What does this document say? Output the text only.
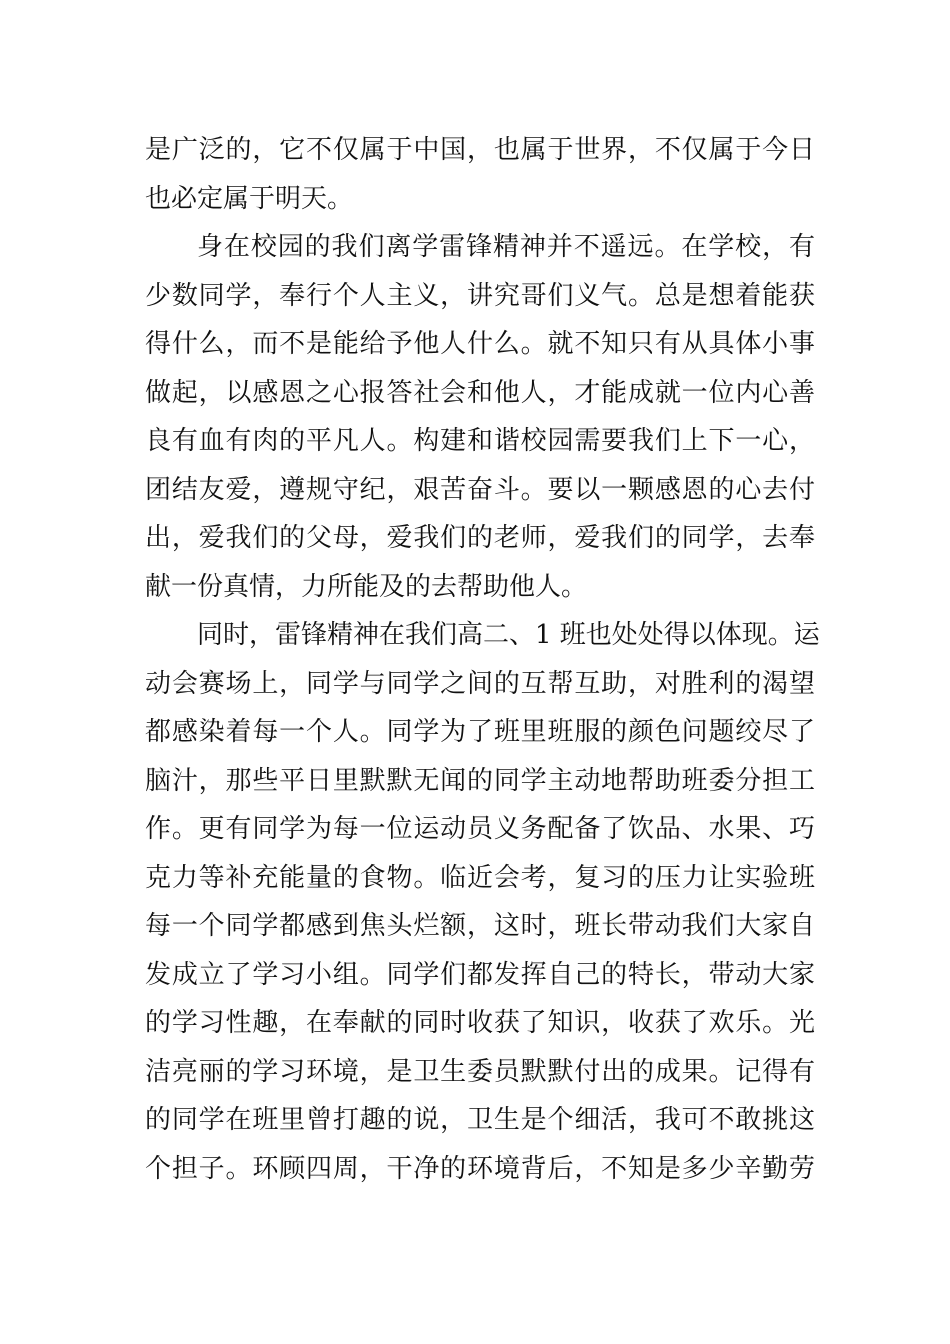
是广泛的，它不仅属于中国，也属于世界，不仅属于今日
也必定属于明天。
身在校园的我们离学雷锋精神并不遥远。在学校，有
少数同学，奉行个人主义，讲究哥们义气。总是想着能获
得什么，而不是能给予他人什么。就不知只有从具体小事
做起，以感恩之心报答社会和他人，才能成就一位内心善
良有血有肉的平凡人。构建和谐校园需要我们上下一心，
团结友爱，遵规守纪，艰苦奋斗。要以一颗感恩的心去付
出，爱我们的父母，爱我们的老师，爱我们的同学，去奉
献一份真情，力所能及的去帮助他人。
同时，雷锋精神在我们高二、1 班也处处得以体现。运
动会赛场上，同学与同学之间的互帮互助，对胜利的渴望
都感染着每一个人。同学为了班里班服的颜色问题绞尽了
脑汁，那些平日里默默无闻的同学主动地帮助班委分担工
作。更有同学为每一位运动员义务配备了饮品、水果、巧
克力等补充能量的食物。临近会考，复习的压力让实验班
每一个同学都感到焦头烂额，这时，班长带动我们大家自
发成立了学习小组。同学们都发挥自己的特长，带动大家
的学习性趣，在奉献的同时收获了知识，收获了欢乐。光
洁亮丽的学习环境，是卫生委员默默付出的成果。记得有
的同学在班里曾打趣的说，卫生是个细活，我可不敢挑这
个担子。环顾四周，干净的环境背后，不知是多少辛勤劳
